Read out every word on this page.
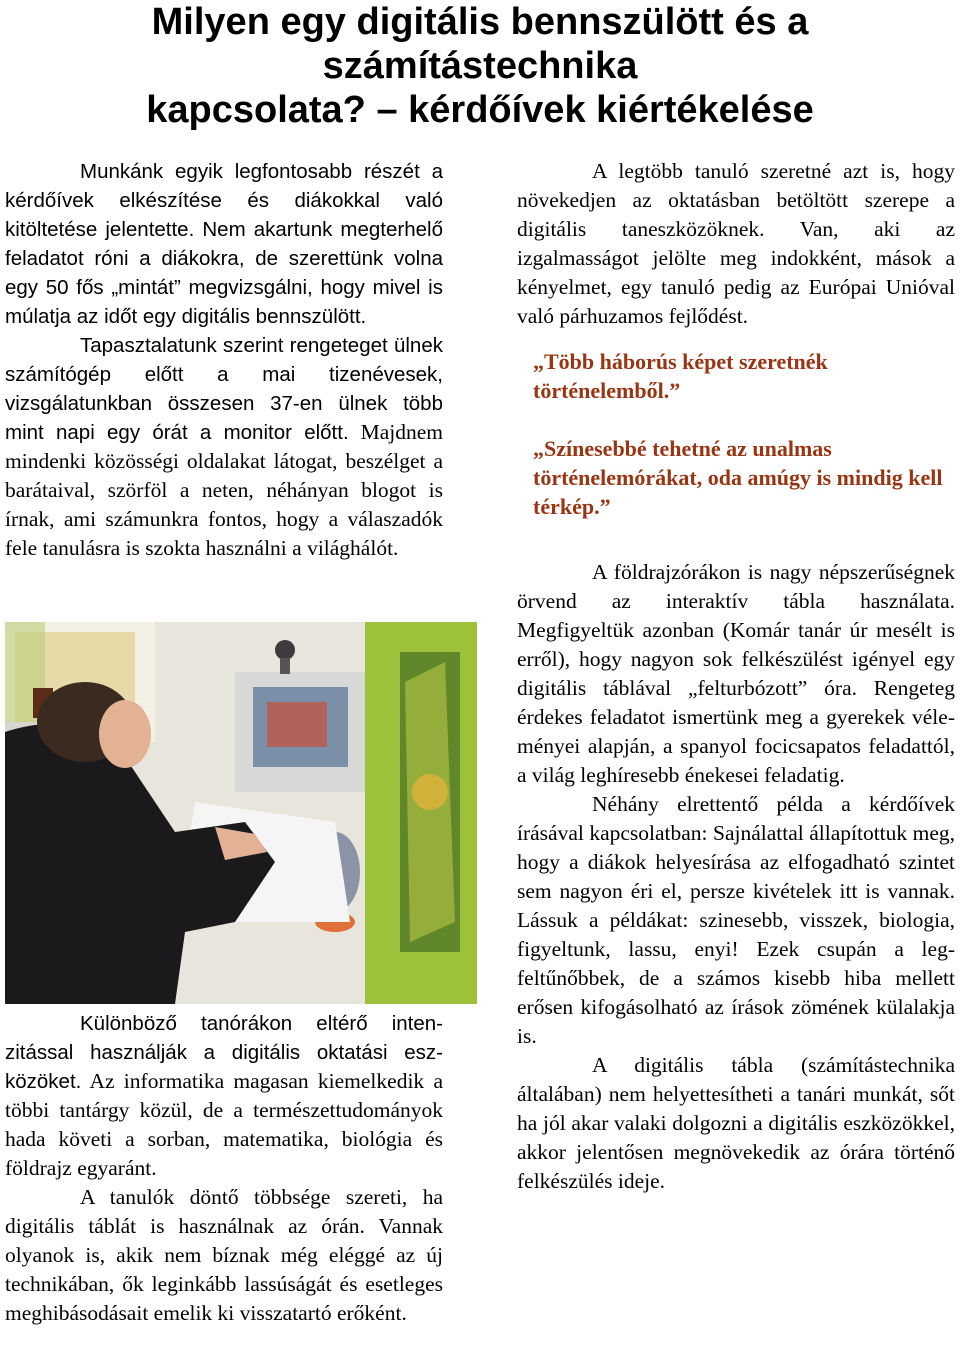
Milyen egy digitális bennszülött és a számítástechnika
kapcsolata? – kérdőívek kiértékelése

Munkánk egyik legfontosabb részét a kérdőívek elkészítése és diákokkal való kitöltetése jelentette. Nem akartunk megterhelő feladatot róni a diákokra, de szerettünk volna egy 50 fős „mintát” megvizsgálni, hogy mivel is múlatja az időt egy digitális bennszülött.

Tapasztalatunk szerint rengeteget ülnek számítógép előtt a mai tizenévesek, vizsgálatunkban összesen 37-en ülnek több mint napi egy órát a monitor előtt. Majdnem mindenki közösségi oldalakat látogat, beszélget a barátaival, szörföl a neten, néhányan blogot is írnak, ami számunkra fontos, hogy a válaszadók fele tanulásra is szokta használni a világhálót.

Különböző tanórákon eltérő intenzitással használják a digitális oktatási eszközöket. Az informatika magasan kiemelkedik a többi tantárgy közül, de a természettudományok hada követi a sorban, matematika, biológia és földrajz egyaránt.

A tanulók döntő többsége szereti, ha digitális táblát is használnak az órán. Vannak olyanok is, akik nem bíznak még eléggé az új technikában, ők leginkább lassúságát és esetleges meghibásodásait emelik ki visszatartó erőként.

A legtöbb tanuló szeretné azt is, hogy növekedjen az oktatásban betöltött szerepe a digitális taneszközöknek. Van, aki az izgalmasságot jelölte meg indokként, mások a kényelmet, egy tanuló pedig az Európai Unióval való párhuzamos fejlődést.

„Több háborús képet szeretnék történelemből.”

„Színesebbé tehetné az unalmas történelemórákat, oda amúgy is mindig kell térkép.”

A földrajzórákon is nagy népszerűségnek örvend az interaktív tábla használata. Megfigyeltük azonban (Komár tanár úr mesélt is erről), hogy nagyon sok felkészülést igényel egy digitális táblával „felturbózott” óra. Rengeteg érdekes feladatot ismertünk meg a gyerekek véleményei alapján, a spanyol focicsapatos feladattól, a világ leghíresebb énekesei feladatig.

Néhány elrettentő példa a kérdőívek írásával kapcsolatban: Sajnálattal állapítottuk meg, hogy a diákok helyesírása az elfogadható szintet sem nagyon éri el, persze kivételek itt is vannak. Lássuk a példákat: szinesebb, visszek, biologia, figyeltunk, lassu, enyi! Ezek csupán a legfeltűnőbbek, de a számos kisebb hiba mellett erősen kifogásolható az írások zömének külalakja is.

A digitális tábla (számítástechnika általában) nem helyettesítheti a tanári munkát, sőt ha jól akar valaki dolgozni a digitális eszközökkel, akkor jelentősen megnövekedik az órára történő felkészülés ideje.
